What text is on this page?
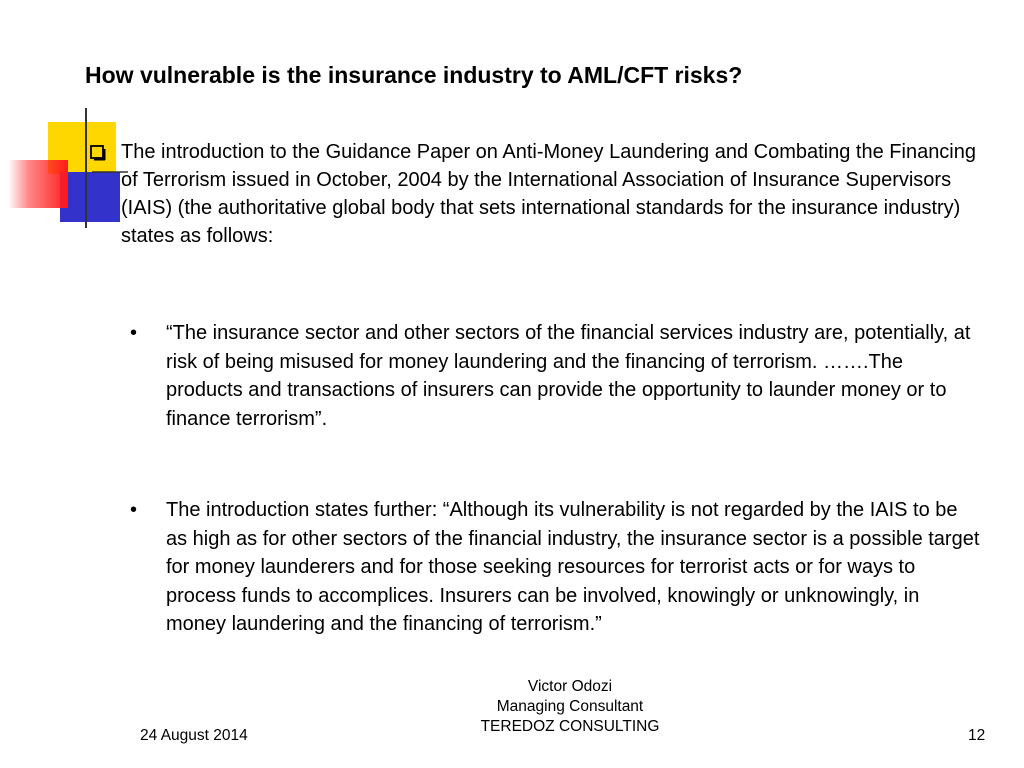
How vulnerable is the insurance industry to AML/CFT risks?
The introduction to the Guidance Paper on Anti-Money Laundering and Combating the Financing of Terrorism issued in October, 2004 by the International Association of Insurance Supervisors (IAIS) (the authoritative global body that sets international standards for the insurance industry) states as follows:
• “The insurance sector and other sectors of the financial services industry are, potentially, at risk of being misused for money laundering and the financing of terrorism. …….The products and transactions of insurers can provide the opportunity to launder money or to finance terrorism”.
• The introduction states further: “Although its vulnerability is not regarded by the IAIS to be as high as for other sectors of the financial industry, the insurance sector is a possible target for money launderers and for those seeking resources for terrorist acts or for ways to process funds to accomplices. Insurers can be involved, knowingly or unknowingly, in money laundering and the financing of terrorism.”
24 August 2014
Victor Odozi
Managing Consultant
TEREDOZ CONSULTING
12
